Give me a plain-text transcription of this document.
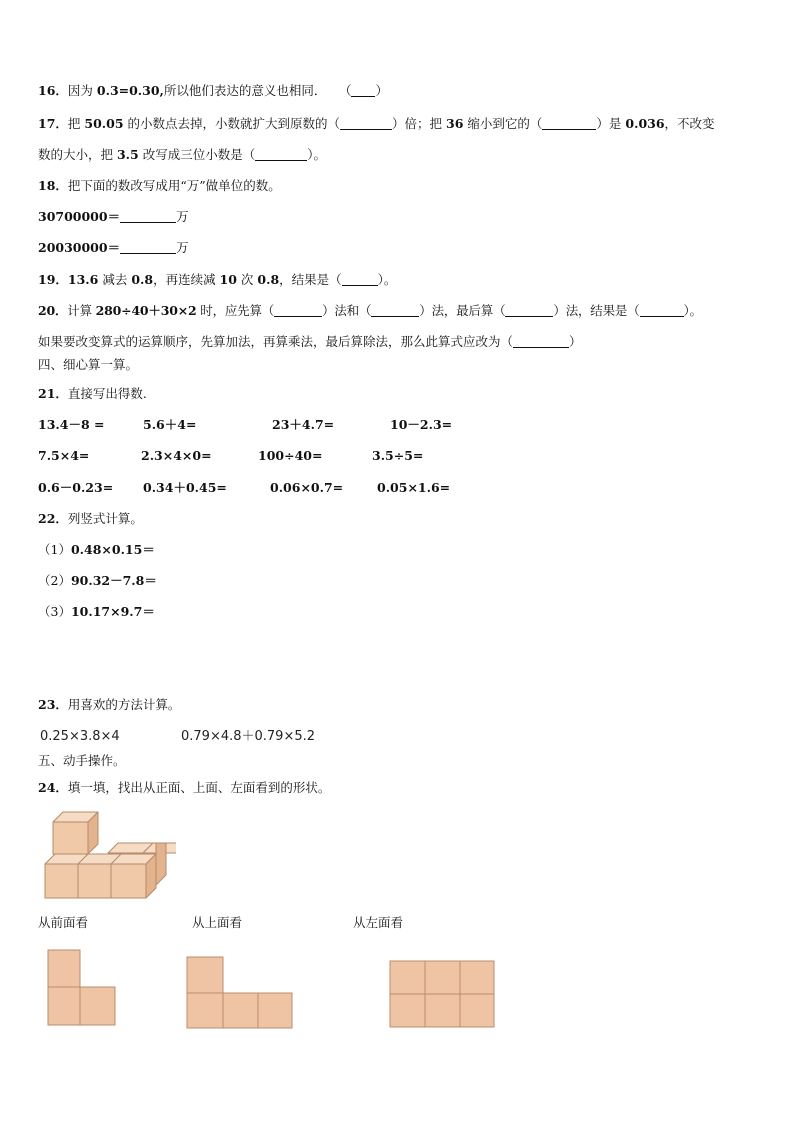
16．因为 0.3=0.30,所以他们表达的意义也相同．　　 （ ）
17．把 50.05 的小数点去掉，小数就扩大到原数的（	）倍；把 36 缩小到它的（	）是 0.036，不改变
数的大小，把 3.5 改写成三位小数是（	）。
18．把下面的数改写成用“万”做单位的数。
30700000＝	万
20030000＝	万
19．13.6 减去 0.8，再连续减 10 次 0.8，结果是（	）。
20．计算 280÷40＋30×2 时，应先算（	）法和（	）法，最后算（	）法，结果是（	）。
如果要改变算式的运算顺序，先算加法，再算乘法，最后算除法，那么此算式应改为（	）
四、细心算一算。
21．直接写出得数.
13.4－8 =	5.6＋4=	23＋4.7=	10－2.3=
7.5×4=	2.3×4×0=	100÷40=	3.5÷5=
0.6－0.23= 0.34＋0.45=	0.06×0.7=	0.05×1.6=
22．列竖式计算。
（1）0.48×0.15＝
（2）90.32－7.8＝
（3）10.17×9.7＝
23．用喜欢的方法计算。
0.25×3.8×4	0.79×4.8＋0.79×5.2
五、动手操作。
24．填一填，找出从正面、上面、左面看到的形状。
从前面看	从上面看	从左面看
